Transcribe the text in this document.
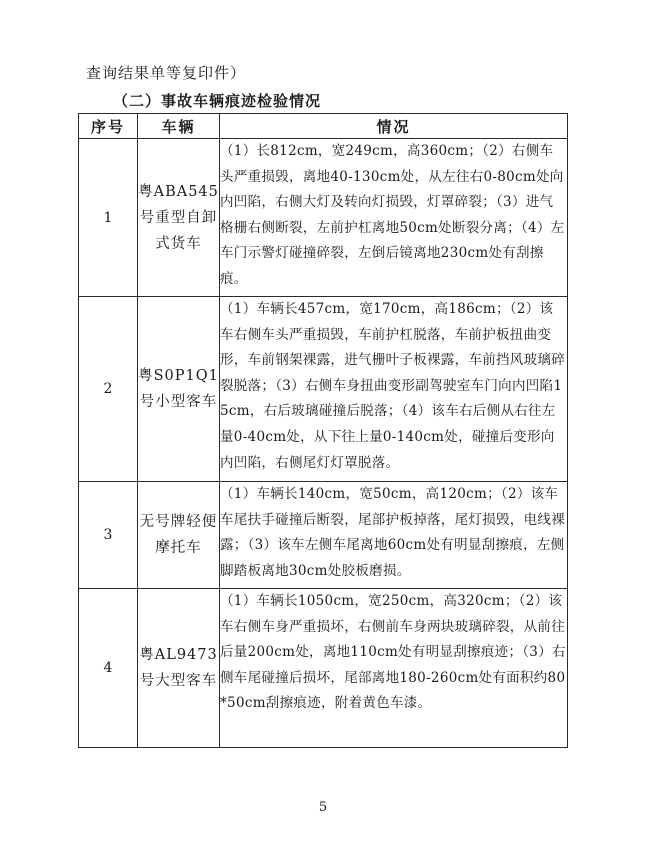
查询结果单等复印件）
（二）事故车辆痕迹检验情况
序号	车辆	情况
1	粤ABA545号重型自卸式货车	（1）长812cm，宽249cm，高360cm；（2）右侧车头严重损毁，离地40-130cm处，从左往右0-80cm处向内凹陷，右侧大灯及转向灯损毁，灯罩碎裂；（3）进气格栅右侧断裂，左前护杠离地50cm处断裂分离；（4）左车门示警灯碰撞碎裂，左倒后镜离地230cm处有刮擦痕。
2	粤S0P1Q1号小型客车	（1）车辆长457cm，宽170cm，高186cm；（2）该车右侧车头严重损毁，车前护杠脱落，车前护板扭曲变形，车前钢架裸露，进气栅叶子板裸露，车前挡风玻璃碎裂脱落；（3）右侧车身扭曲变形副驾驶室车门向内凹陷15cm，右后玻璃碰撞后脱落；（4）该车右后侧从右往左量0-40cm处，从下往上量0-140cm处，碰撞后变形向内凹陷，右侧尾灯灯罩脱落。
3	无号牌轻便摩托车	（1）车辆长140cm，宽50cm，高120cm；（2）该车车尾扶手碰撞后断裂，尾部护板掉落，尾灯损毁，电线裸露；（3）该车左侧车尾离地60cm处有明显刮擦痕，左侧脚踏板离地30cm处胶板磨损。
4	粤AL9473号大型客车	（1）车辆长1050cm，宽250cm，高320cm；（2）该车右侧车身严重损坏，右侧前车身两块玻璃碎裂，从前往后量200cm处，离地110cm处有明显刮擦痕迹；（3）右侧车尾碰撞后损坏，尾部离地180-260cm处有面积约80*50cm刮擦痕迹，附着黄色车漆。
5
